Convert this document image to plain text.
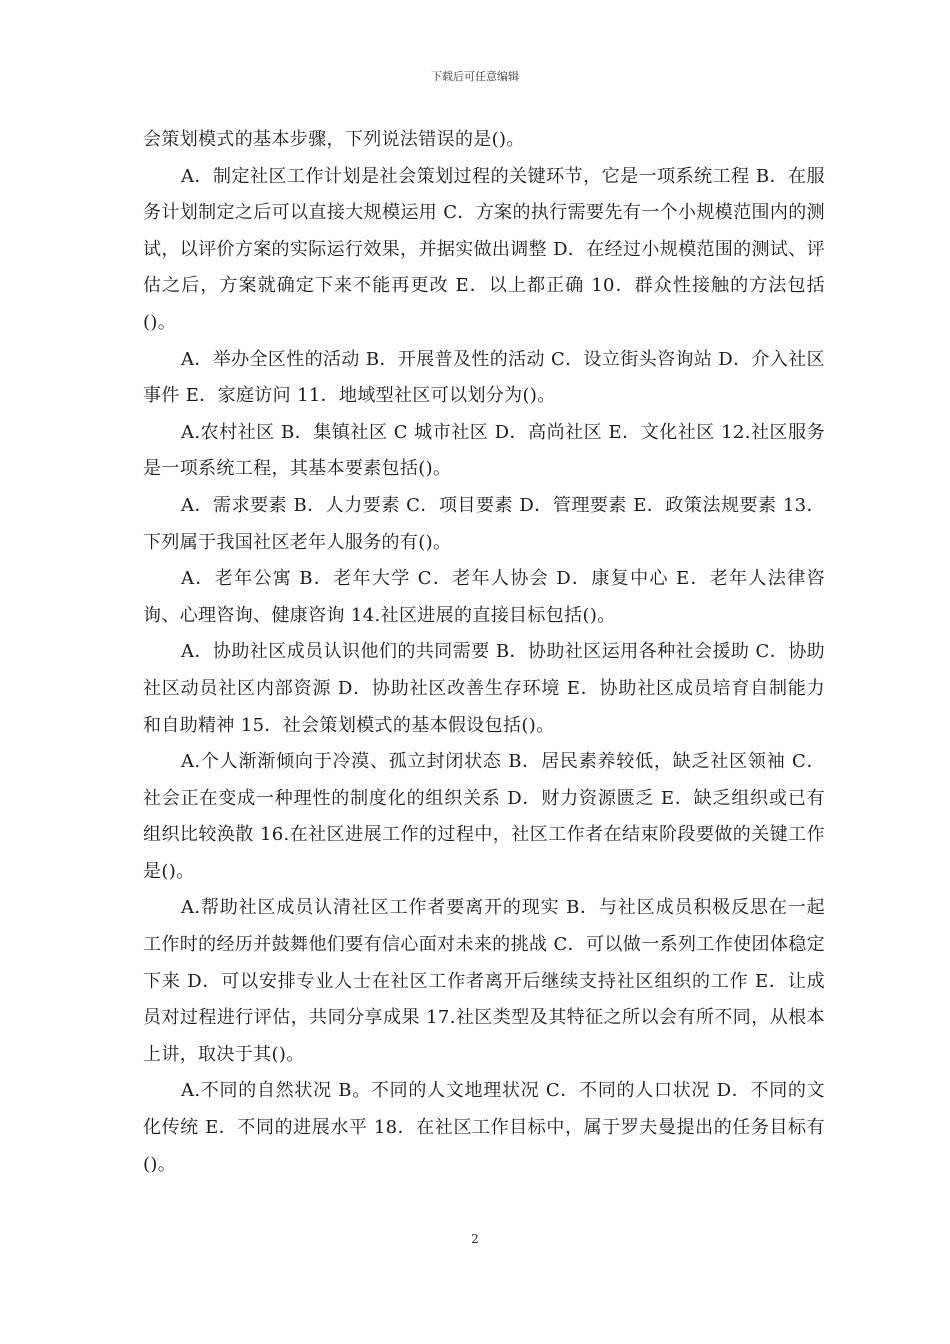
下载后可任意编辑

会策划模式的基本步骤，下列说法错误的是()。

A．制定社区工作计划是社会策划过程的关键环节，它是一项系统工程 B．在服务计划制定之后可以直接大规模运用 C．方案的执行需要先有一个小规模范围内的测试，以评价方案的实际运行效果，并据实做出调整 D．在经过小规模范围的测试、评估之后，方案就确定下来不能再更改 E．以上都正确 10．群众性接触的方法包括()。

A．举办全区性的活动 B．开展普及性的活动 C．设立街头咨询站 D．介入社区事件 E．家庭访问 11．地域型社区可以划分为()。

A.农村社区 B．集镇社区 C 城市社区 D．高尚社区 E．文化社区 12.社区服务是一项系统工程，其基本要素包括()。

A．需求要素 B．人力要素 C．项目要素 D．管理要素 E．政策法规要素 13．下列属于我国社区老年人服务的有()。

A．老年公寓 B．老年大学 C．老年人协会 D．康复中心 E．老年人法律咨询、心理咨询、健康咨询 14.社区进展的直接目标包括()。

A．协助社区成员认识他们的共同需要 B．协助社区运用各种社会援助 C．协助社区动员社区内部资源 D．协助社区改善生存环境 E．协助社区成员培育自制能力和自助精神 15．社会策划模式的基本假设包括()。

A.个人渐渐倾向于冷漠、孤立封闭状态 B．居民素养较低，缺乏社区领袖 C．社会正在变成一种理性的制度化的组织关系 D．财力资源匮乏 E．缺乏组织或已有组织比较涣散 16.在社区进展工作的过程中，社区工作者在结束阶段要做的关键工作是()。

A.帮助社区成员认清社区工作者要离开的现实 B．与社区成员积极反思在一起工作时的经历并鼓舞他们要有信心面对未来的挑战 C．可以做一系列工作使团体稳定下来 D．可以安排专业人士在社区工作者离开后继续支持社区组织的工作 E．让成员对过程进行评估，共同分享成果 17.社区类型及其特征之所以会有所不同，从根本上讲，取决于其()。

A.不同的自然状况 B。不同的人文地理状况 C．不同的人口状况 D．不同的文化传统 E．不同的进展水平 18．在社区工作目标中，属于罗夫曼提出的任务目标有()。

2
